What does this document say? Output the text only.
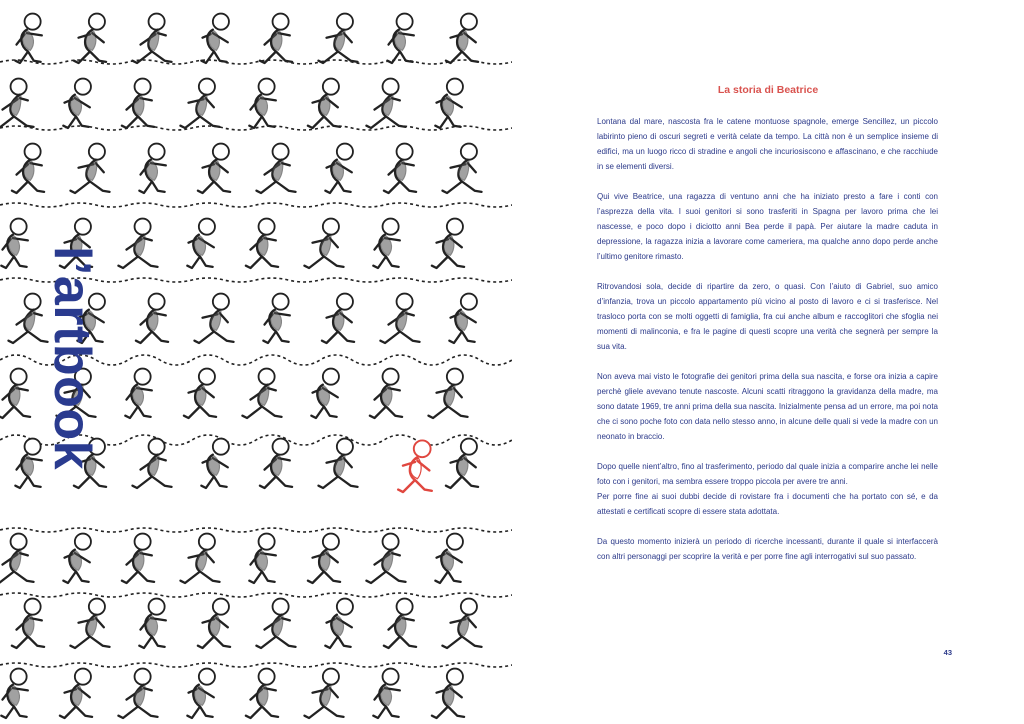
l’artbook
La storia di Beatrice

Lontana dal mare, nascosta fra le catene montuose spagnole, emerge Sencillez, un piccolo labirinto pieno di oscuri segreti e verità celate da tempo. La città non è un semplice insieme di edifici, ma un luogo ricco di stradine e angoli che incuriosiscono e affascinano, e che racchiude in se elementi diversi.

Qui vive Beatrice, una ragazza di ventuno anni che ha iniziato presto a fare i conti con l’asprezza della vita. I suoi genitori si sono trasferiti in Spagna per lavoro prima che lei nascesse, e poco dopo i diciotto anni Bea perde il papà. Per aiutare la madre caduta in depressione, la ragazza inizia a lavorare come cameriera, ma qualche anno dopo perde anche l’ultimo genitore rimasto.

Ritrovandosi sola, decide di ripartire da zero, o quasi. Con l’aiuto di Gabriel, suo amico d’infanzia, trova un piccolo appartamento più vicino al posto di lavoro e ci si trasferisce. Nel trasloco porta con se molti oggetti di famiglia, fra cui anche album e raccoglitori che sfoglia nei momenti di malinconia, e fra le pagine di questi scopre una verità che segnerà per sempre la sua vita.

Non aveva mai visto le fotografie dei genitori prima della sua nascita, e forse ora inizia a capire perchè gliele avevano tenute nascoste. Alcuni scatti ritraggono la gravidanza della madre, ma sono datate 1969, tre anni prima della sua nascita. Inizialmente pensa ad un errore, ma poi nota che ci sono poche foto con data nello stesso anno, in alcune delle quali si vede la madre con un neonato in braccio.

Dopo quelle nient’altro, fino al trasferimento, periodo dal quale inizia a comparire anche lei nelle foto con i genitori, ma sembra essere troppo piccola per avere tre anni.
Per porre fine ai suoi dubbi decide di rovistare fra i documenti che ha portato con sé, e da attestati e certificati scopre di essere stata adottata.

Da questo momento inizierà un periodo di ricerche incessanti, durante il quale si interfaccerà con altri personaggi per scoprire la verità e per porre fine agli interrogativi sul suo passato.

43
